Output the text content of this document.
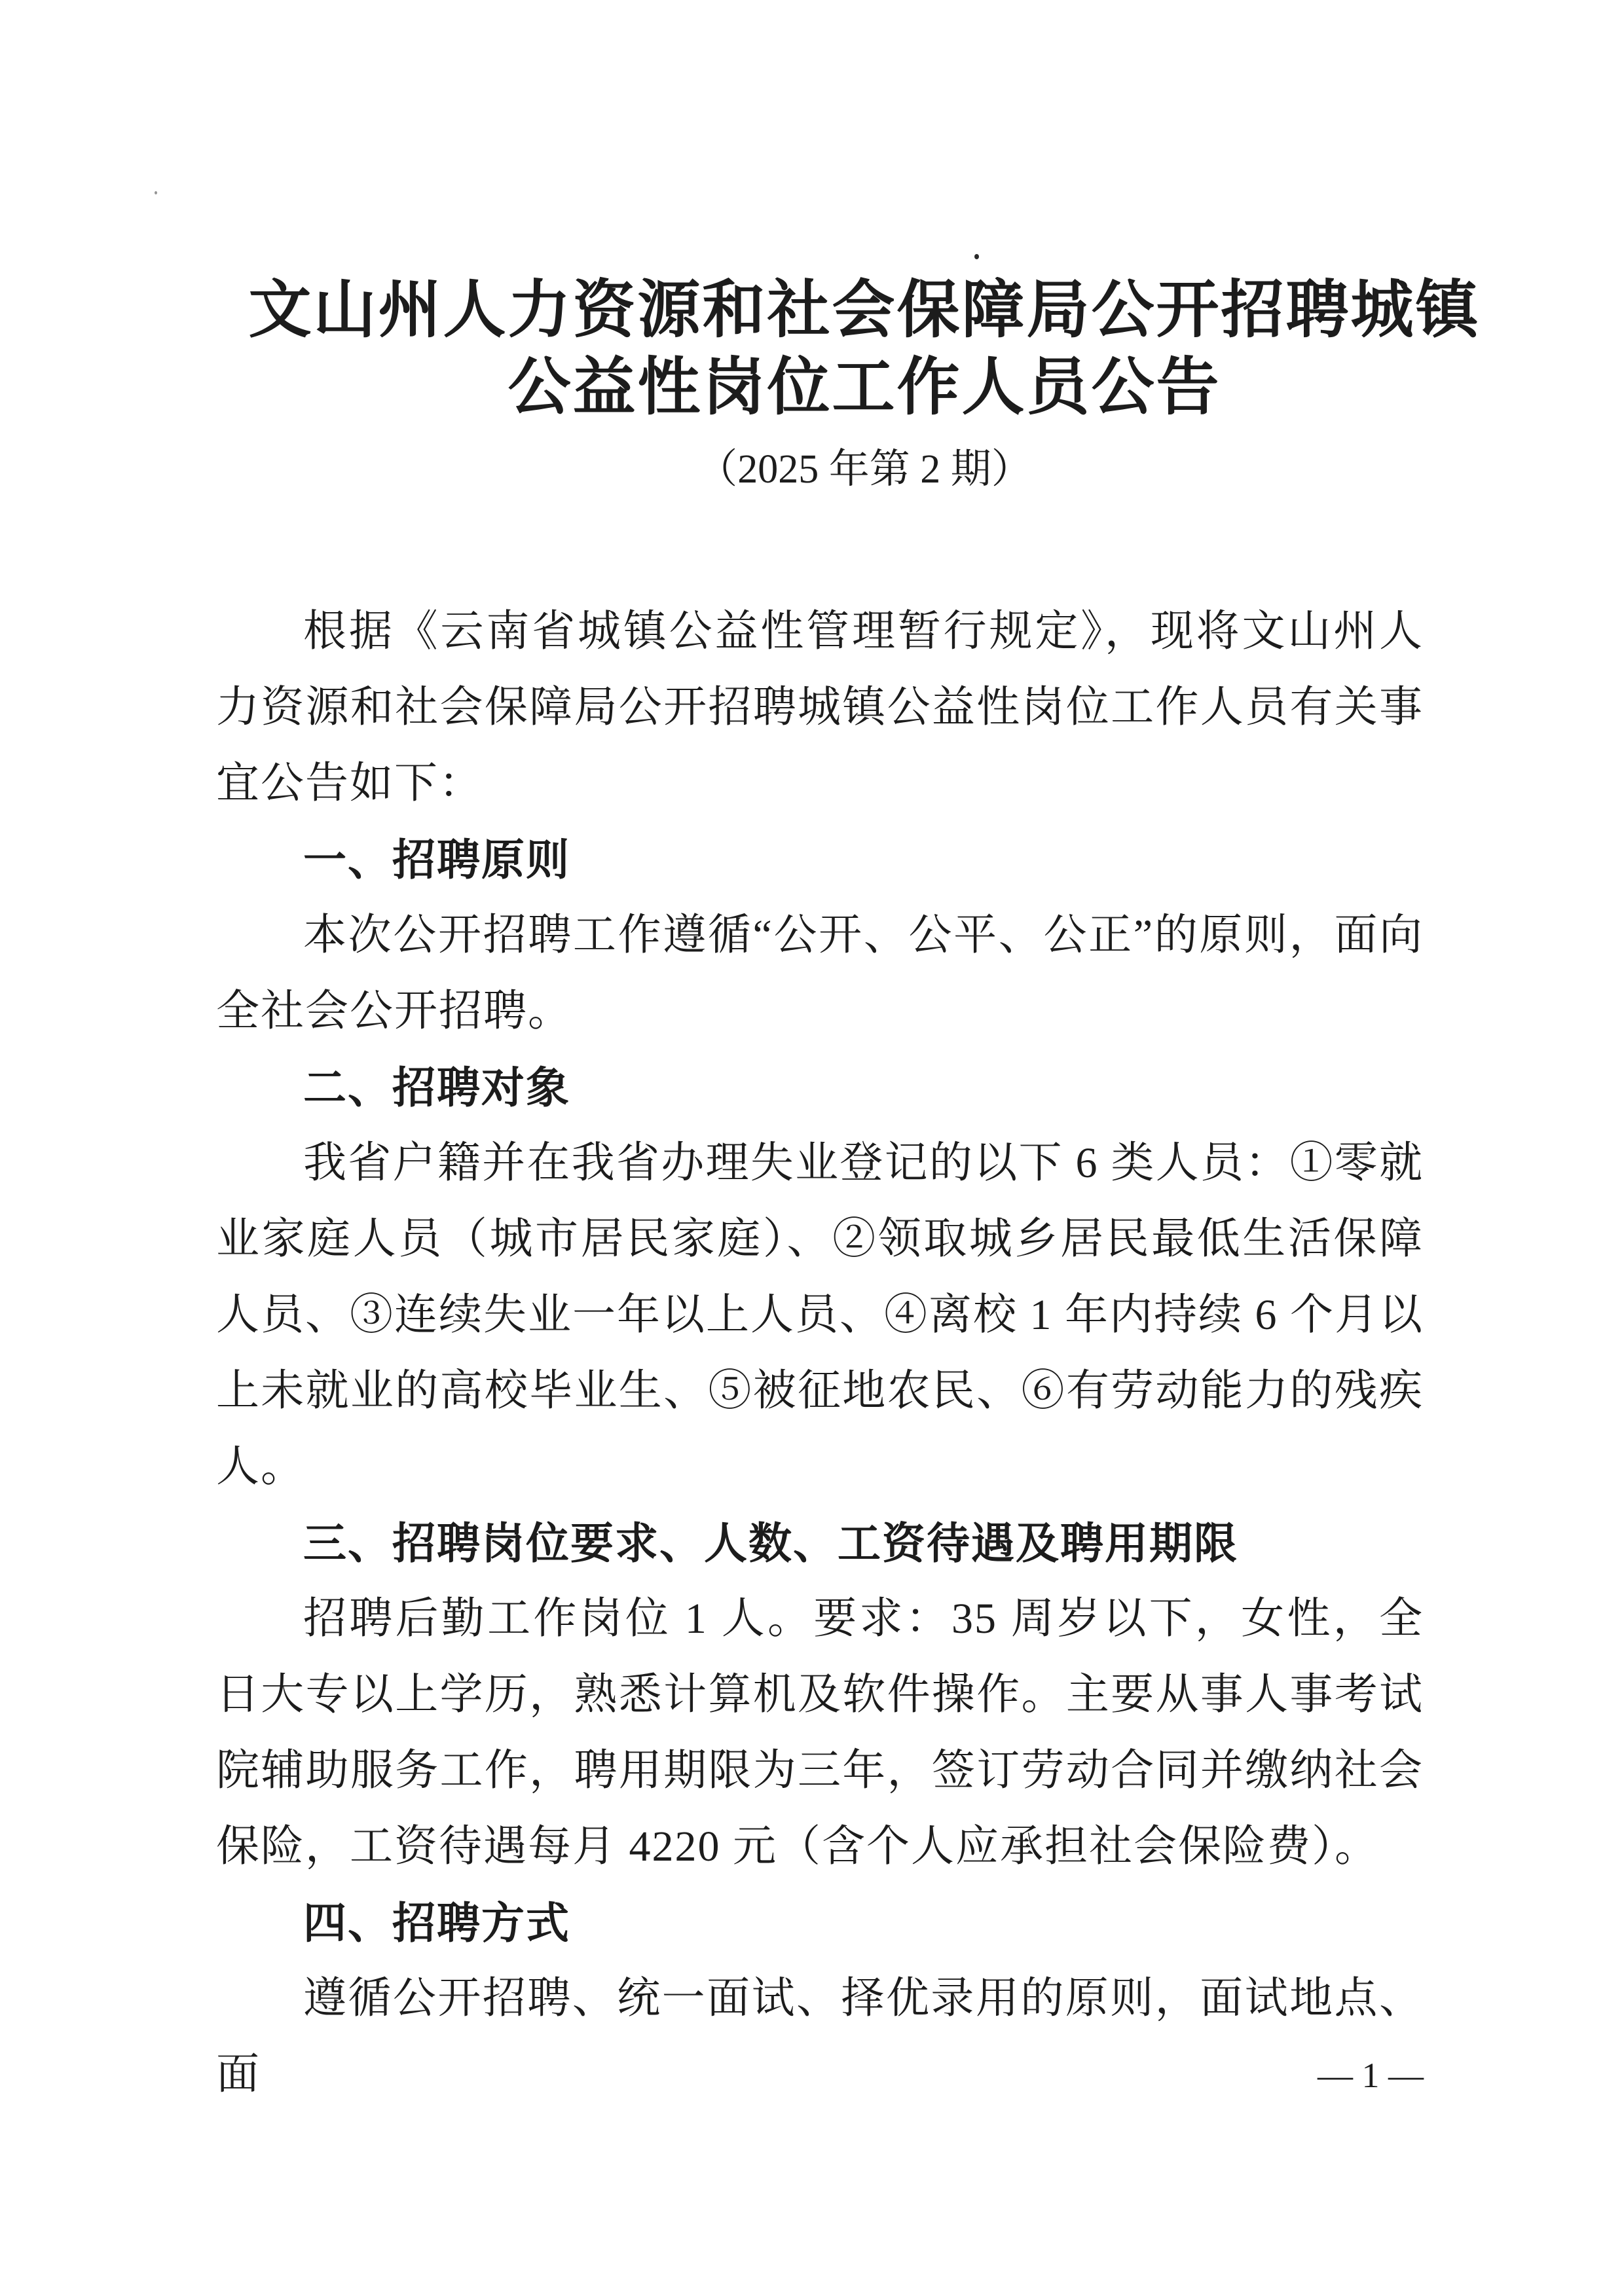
文山州人力资源和社会保障局公开招聘城镇
公益性岗位工作人员公告
（2025 年第 2 期）

根据《云南省城镇公益性管理暂行规定》，现将文山州人力资源和社会保障局公开招聘城镇公益性岗位工作人员有关事宜公告如下：

一、招聘原则

本次公开招聘工作遵循“公开、公平、公正”的原则，面向全社会公开招聘。

二、招聘对象

我省户籍并在我省办理失业登记的以下 6 类人员：①零就业家庭人员（城市居民家庭）、②领取城乡居民最低生活保障人员、③连续失业一年以上人员、④离校 1 年内持续 6 个月以上未就业的高校毕业生、⑤被征地农民、⑥有劳动能力的残疾人。

三、招聘岗位要求、人数、工资待遇及聘用期限

招聘后勤工作岗位 1 人。要求：35 周岁以下，女性，全日大专以上学历，熟悉计算机及软件操作。主要从事人事考试院辅助服务工作，聘用期限为三年，签订劳动合同并缴纳社会保险，工资待遇每月 4220 元（含个人应承担社会保险费）。

四、招聘方式

遵循公开招聘、统一面试、择优录用的原则，面试地点、面	— 1 —
